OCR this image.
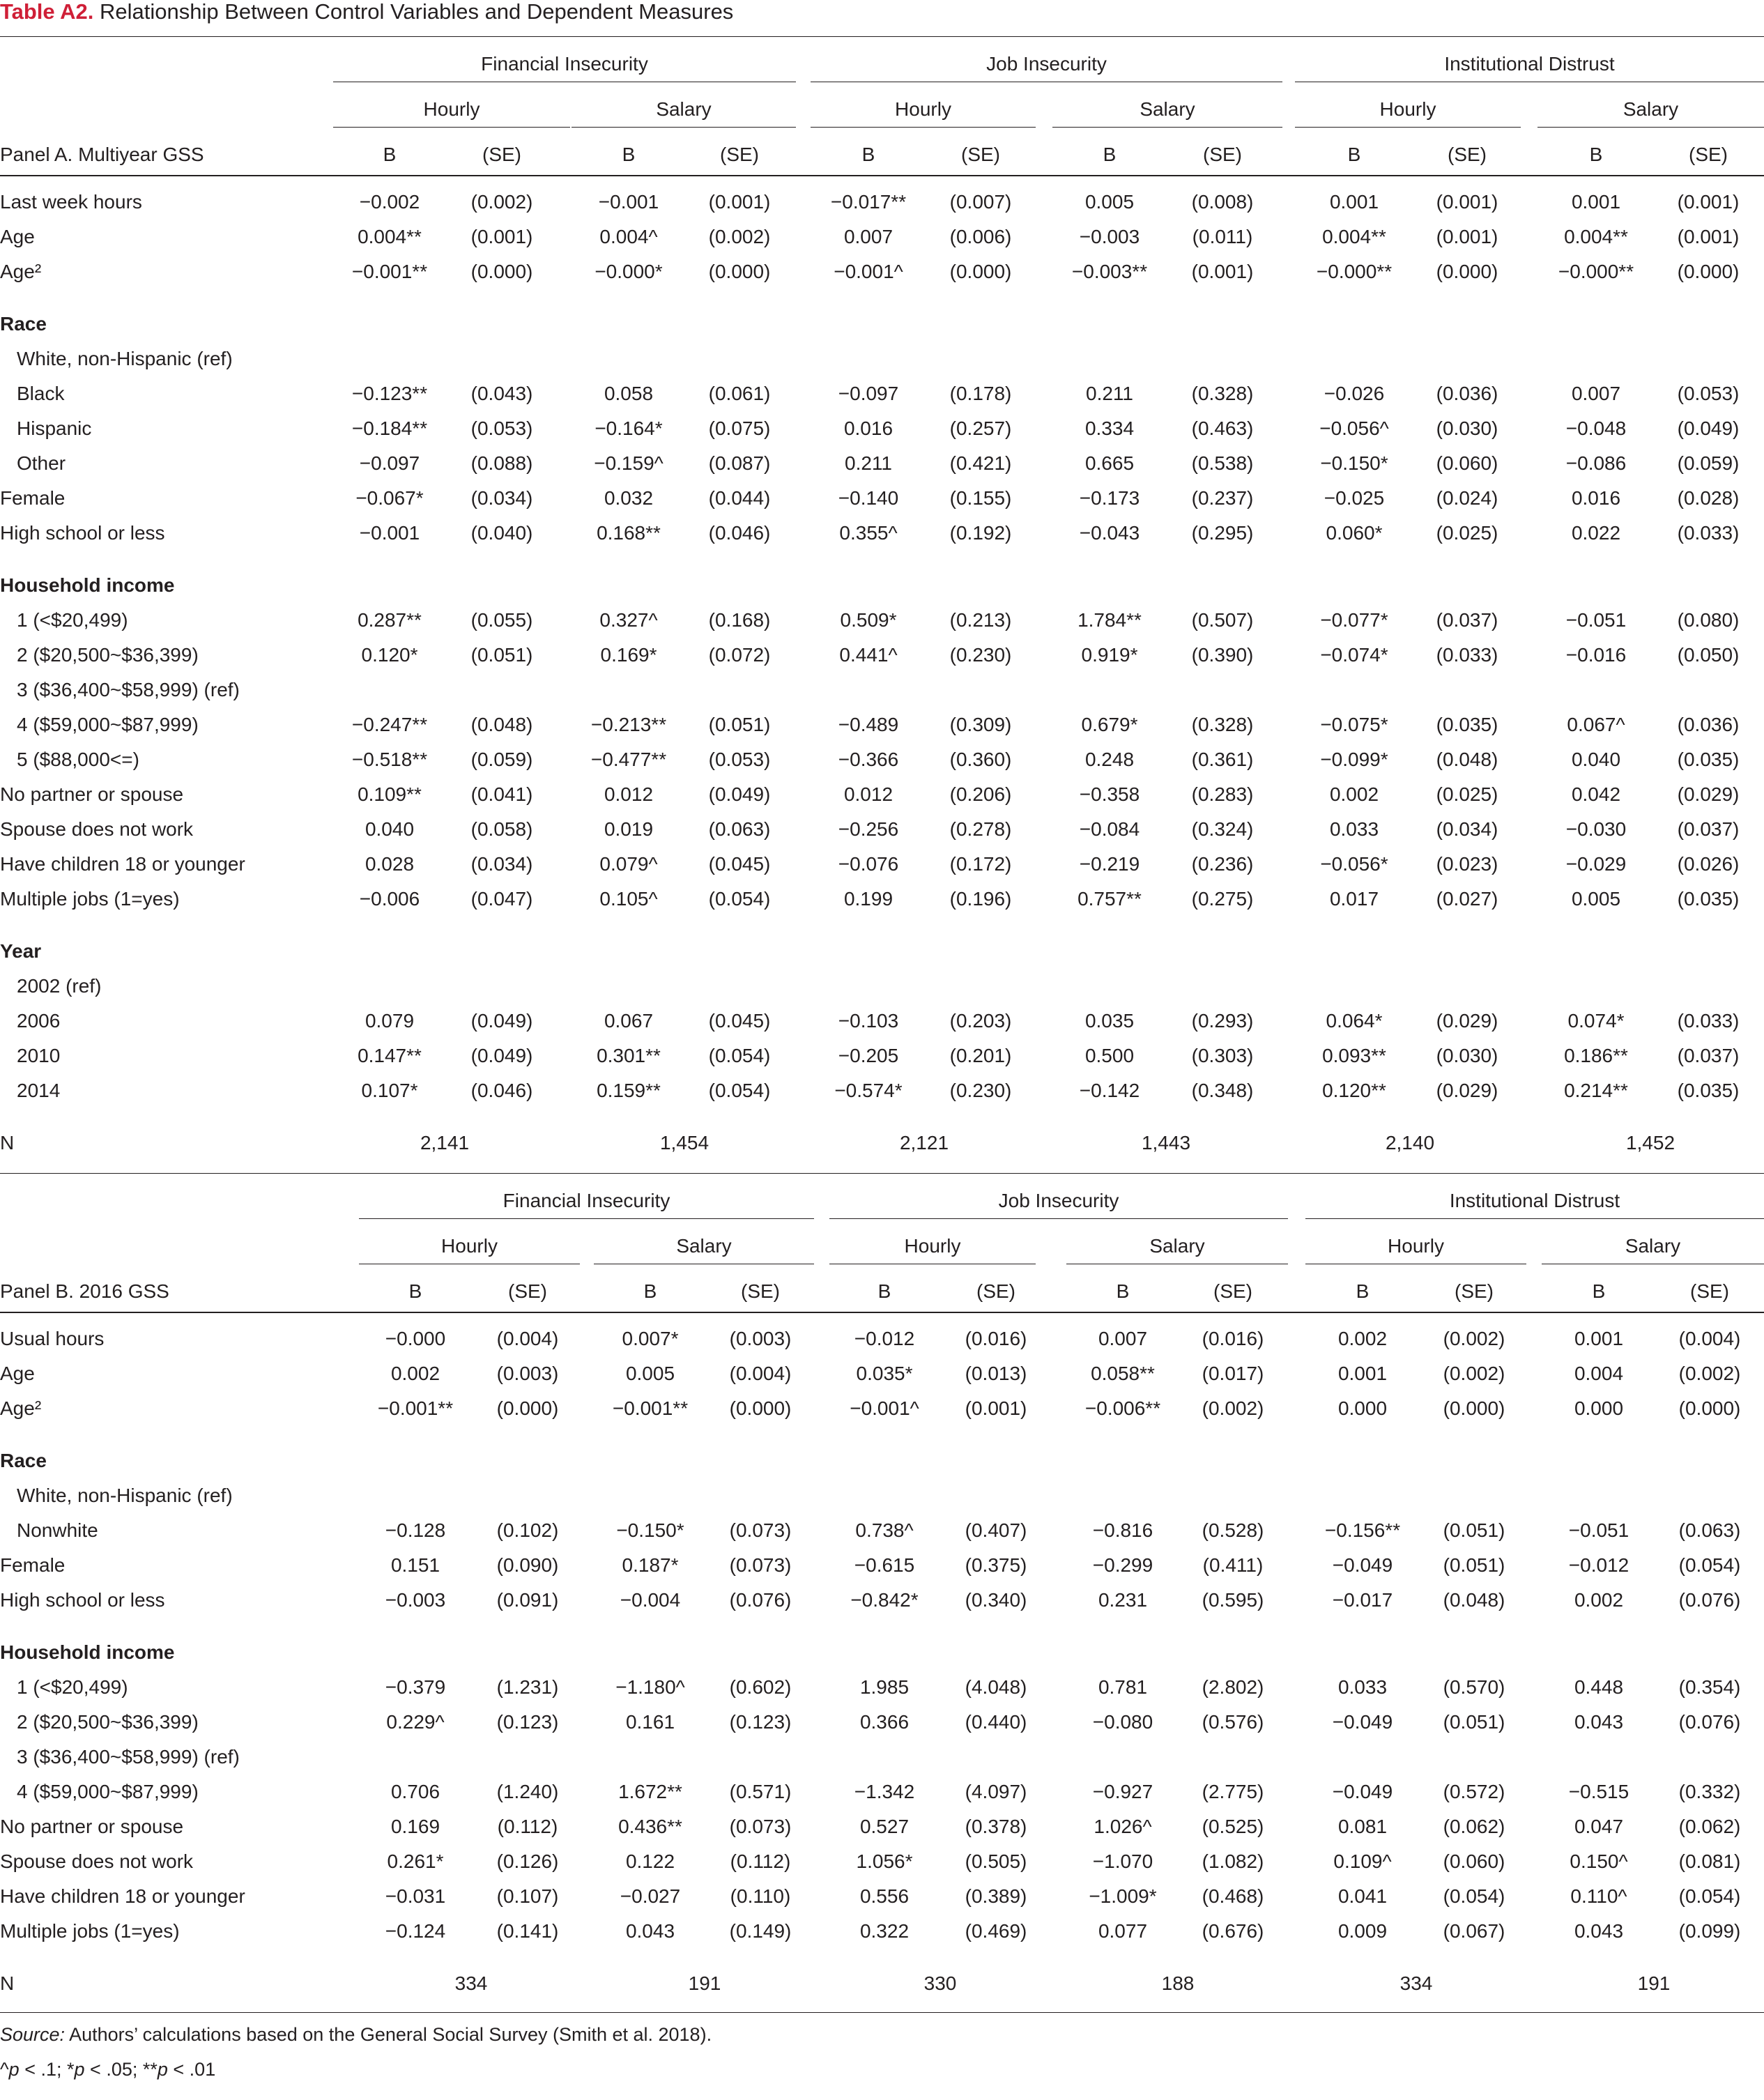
Table A2. Relationship Between Control Variables and Dependent Measures
Financial Insecurity	Job Insecurity	Institutional Distrust
Hourly	Salary	Hourly	Salary	Hourly	Salary
Panel A. Multiyear GSS	B	(SE)	B	(SE)	B	(SE)	B	(SE)	B	(SE)	B	(SE)
Last week hours	−0.002	(0.002)	−0.001	(0.001)	−0.017**	(0.007)	0.005	(0.008)	0.001	(0.001)	0.001	(0.001)
Age	0.004**	(0.001)	0.004^	(0.002)	0.007	(0.006)	−0.003	(0.011)	0.004**	(0.001)	0.004**	(0.001)
Age²	−0.001**	(0.000)	−0.000*	(0.000)	−0.001^	(0.000)	−0.003**	(0.001)	−0.000**	(0.000)	−0.000**	(0.000)
Race
White, non-Hispanic (ref)
Black	−0.123**	(0.043)	0.058	(0.061)	−0.097	(0.178)	0.211	(0.328)	−0.026	(0.036)	0.007	(0.053)
Hispanic	−0.184**	(0.053)	−0.164*	(0.075)	0.016	(0.257)	0.334	(0.463)	−0.056^	(0.030)	−0.048	(0.049)
Other	−0.097	(0.088)	−0.159^	(0.087)	0.211	(0.421)	0.665	(0.538)	−0.150*	(0.060)	−0.086	(0.059)
Female	−0.067*	(0.034)	0.032	(0.044)	−0.140	(0.155)	−0.173	(0.237)	−0.025	(0.024)	0.016	(0.028)
High school or less	−0.001	(0.040)	0.168**	(0.046)	0.355^	(0.192)	−0.043	(0.295)	0.060*	(0.025)	0.022	(0.033)
Household income
1 (<$20,499)	0.287**	(0.055)	0.327^	(0.168)	0.509*	(0.213)	1.784**	(0.507)	−0.077*	(0.037)	−0.051	(0.080)
2 ($20,500~$36,399)	0.120*	(0.051)	0.169*	(0.072)	0.441^	(0.230)	0.919*	(0.390)	−0.074*	(0.033)	−0.016	(0.050)
3 ($36,400~$58,999) (ref)
4 ($59,000~$87,999)	−0.247**	(0.048)	−0.213**	(0.051)	−0.489	(0.309)	0.679*	(0.328)	−0.075*	(0.035)	0.067^	(0.036)
5 ($88,000<=)	−0.518**	(0.059)	−0.477**	(0.053)	−0.366	(0.360)	0.248	(0.361)	−0.099*	(0.048)	0.040	(0.035)
No partner or spouse	0.109**	(0.041)	0.012	(0.049)	0.012	(0.206)	−0.358	(0.283)	0.002	(0.025)	0.042	(0.029)
Spouse does not work	0.040	(0.058)	0.019	(0.063)	−0.256	(0.278)	−0.084	(0.324)	0.033	(0.034)	−0.030	(0.037)
Have children 18 or younger	0.028	(0.034)	0.079^	(0.045)	−0.076	(0.172)	−0.219	(0.236)	−0.056*	(0.023)	−0.029	(0.026)
Multiple jobs (1=yes)	−0.006	(0.047)	0.105^	(0.054)	0.199	(0.196)	0.757**	(0.275)	0.017	(0.027)	0.005	(0.035)
Year
2002 (ref)
2006	0.079	(0.049)	0.067	(0.045)	−0.103	(0.203)	0.035	(0.293)	0.064*	(0.029)	0.074*	(0.033)
2010	0.147**	(0.049)	0.301**	(0.054)	−0.205	(0.201)	0.500	(0.303)	0.093**	(0.030)	0.186**	(0.037)
2014	0.107*	(0.046)	0.159**	(0.054)	−0.574*	(0.230)	−0.142	(0.348)	0.120**	(0.029)	0.214**	(0.035)
N	2,141	1,454	2,121	1,443	2,140	1,452
Financial Insecurity	Job Insecurity	Institutional Distrust
Hourly	Salary	Hourly	Salary	Hourly	Salary
Panel B. 2016 GSS	B	(SE)	B	(SE)	B	(SE)	B	(SE)	B	(SE)	B	(SE)
Usual hours	−0.000	(0.004)	0.007*	(0.003)	−0.012	(0.016)	0.007	(0.016)	0.002	(0.002)	0.001	(0.004)
Age	0.002	(0.003)	0.005	(0.004)	0.035*	(0.013)	0.058**	(0.017)	0.001	(0.002)	0.004	(0.002)
Age²	−0.001**	(0.000)	−0.001**	(0.000)	−0.001^	(0.001)	−0.006**	(0.002)	0.000	(0.000)	0.000	(0.000)
Race
White, non-Hispanic (ref)
Nonwhite	−0.128	(0.102)	−0.150*	(0.073)	0.738^	(0.407)	−0.816	(0.528)	−0.156**	(0.051)	−0.051	(0.063)
Female	0.151	(0.090)	0.187*	(0.073)	−0.615	(0.375)	−0.299	(0.411)	−0.049	(0.051)	−0.012	(0.054)
High school or less	−0.003	(0.091)	−0.004	(0.076)	−0.842*	(0.340)	0.231	(0.595)	−0.017	(0.048)	0.002	(0.076)
Household income
1 (<$20,499)	−0.379	(1.231)	−1.180^	(0.602)	1.985	(4.048)	0.781	(2.802)	0.033	(0.570)	0.448	(0.354)
2 ($20,500~$36,399)	0.229^	(0.123)	0.161	(0.123)	0.366	(0.440)	−0.080	(0.576)	−0.049	(0.051)	0.043	(0.076)
3 ($36,400~$58,999) (ref)
4 ($59,000~$87,999)	0.706	(1.240)	1.672**	(0.571)	−1.342	(4.097)	−0.927	(2.775)	−0.049	(0.572)	−0.515	(0.332)
No partner or spouse	0.169	(0.112)	0.436**	(0.073)	0.527	(0.378)	1.026^	(0.525)	0.081	(0.062)	0.047	(0.062)
Spouse does not work	0.261*	(0.126)	0.122	(0.112)	1.056*	(0.505)	−1.070	(1.082)	0.109^	(0.060)	0.150^	(0.081)
Have children 18 or younger	−0.031	(0.107)	−0.027	(0.110)	0.556	(0.389)	−1.009*	(0.468)	0.041	(0.054)	0.110^	(0.054)
Multiple jobs (1=yes)	−0.124	(0.141)	0.043	(0.149)	0.322	(0.469)	0.077	(0.676)	0.009	(0.067)	0.043	(0.099)
N	334	191	330	188	334	191
Source: Authors’ calculations based on the General Social Survey (Smith et al. 2018).
^p < .1; *p < .05; **p < .01
